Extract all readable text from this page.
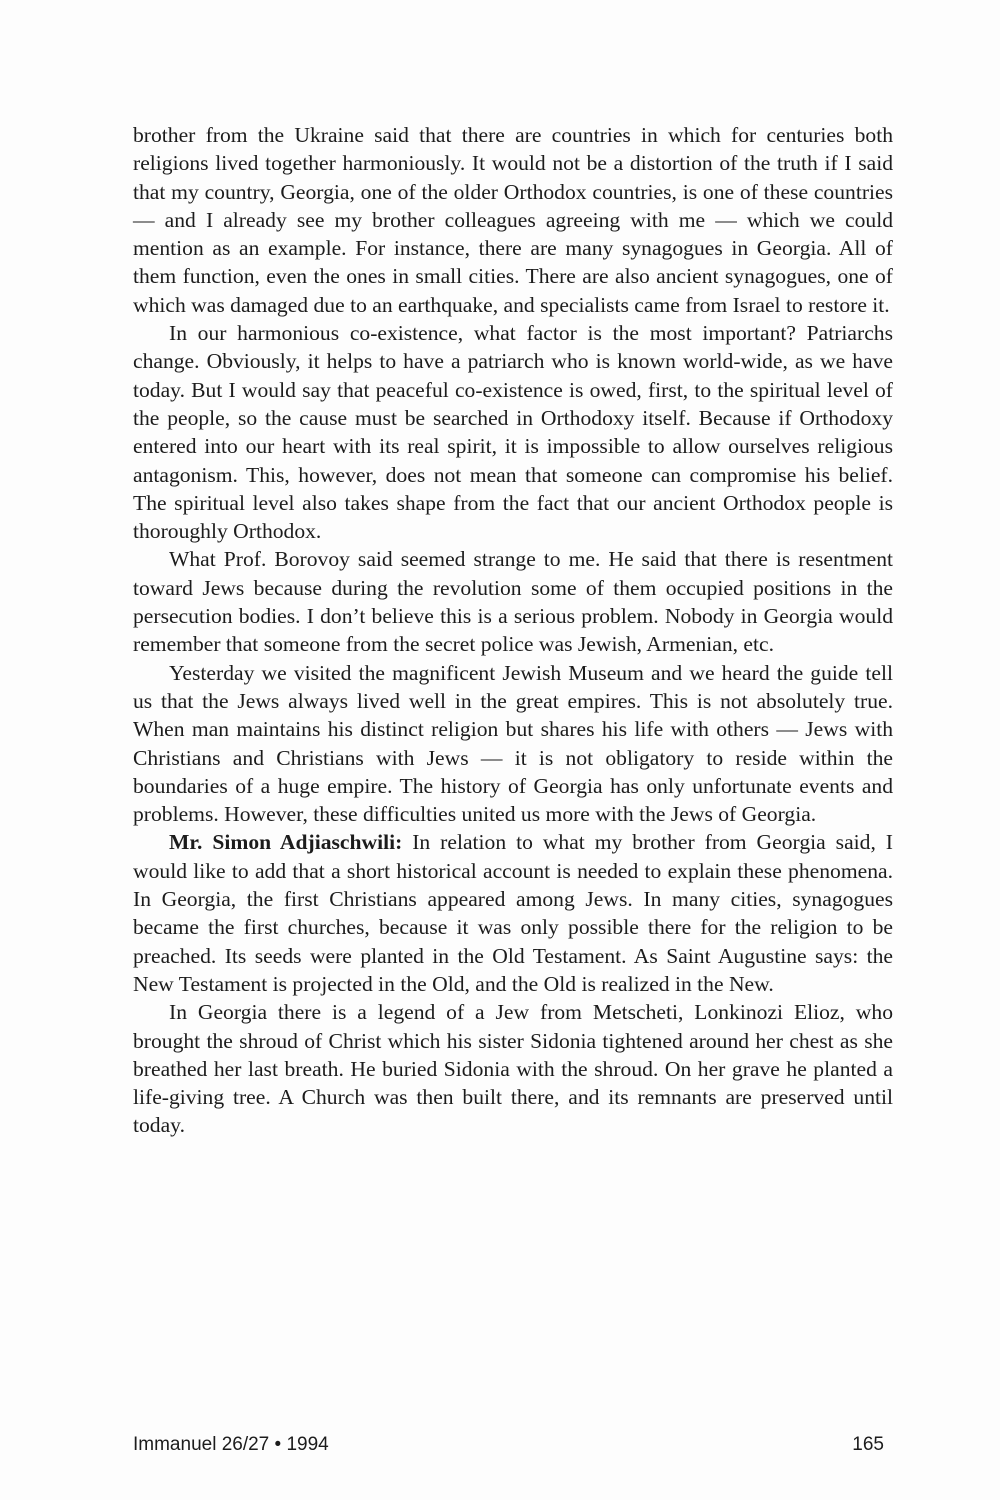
brother from the Ukraine said that there are countries in which for centuries both religions lived together harmoniously. It would not be a distortion of the truth if I said that my country, Georgia, one of the older Orthodox countries, is one of these countries — and I already see my brother colleagues agreeing with me — which we could mention as an example. For instance, there are many synagogues in Georgia. All of them function, even the ones in small cities. There are also ancient synagogues, one of which was damaged due to an earthquake, and specialists came from Israel to restore it.

In our harmonious co-existence, what factor is the most important? Patriarchs change. Obviously, it helps to have a patriarch who is known world-wide, as we have today. But I would say that peaceful co-existence is owed, first, to the spiritual level of the people, so the cause must be searched in Orthodoxy itself. Because if Orthodoxy entered into our heart with its real spirit, it is impossible to allow ourselves religious antagonism. This, however, does not mean that someone can compromise his belief. The spiritual level also takes shape from the fact that our ancient Orthodox people is thoroughly Orthodox.

What Prof. Borovoy said seemed strange to me. He said that there is resentment toward Jews because during the revolution some of them occupied positions in the persecution bodies. I don’t believe this is a serious problem. Nobody in Georgia would remember that someone from the secret police was Jewish, Armenian, etc.

Yesterday we visited the magnificent Jewish Museum and we heard the guide tell us that the Jews always lived well in the great empires. This is not absolutely true. When man maintains his distinct religion but shares his life with others — Jews with Christians and Christians with Jews — it is not obligatory to reside within the boundaries of a huge empire. The history of Georgia has only unfortunate events and problems. However, these difficulties united us more with the Jews of Georgia.

Mr. Simon Adjiaschwili: In relation to what my brother from Georgia said, I would like to add that a short historical account is needed to explain these phenomena. In Georgia, the first Christians appeared among Jews. In many cities, synagogues became the first churches, because it was only possible there for the religion to be preached. Its seeds were planted in the Old Testament. As Saint Augustine says: the New Testament is projected in the Old, and the Old is realized in the New.

In Georgia there is a legend of a Jew from Metscheti, Lonkinozi Elioz, who brought the shroud of Christ which his sister Sidonia tightened around her chest as she breathed her last breath. He buried Sidonia with the shroud. On her grave he planted a life-giving tree. A Church was then built there, and its remnants are preserved until today.

Immanuel 26/27 • 1994	165
